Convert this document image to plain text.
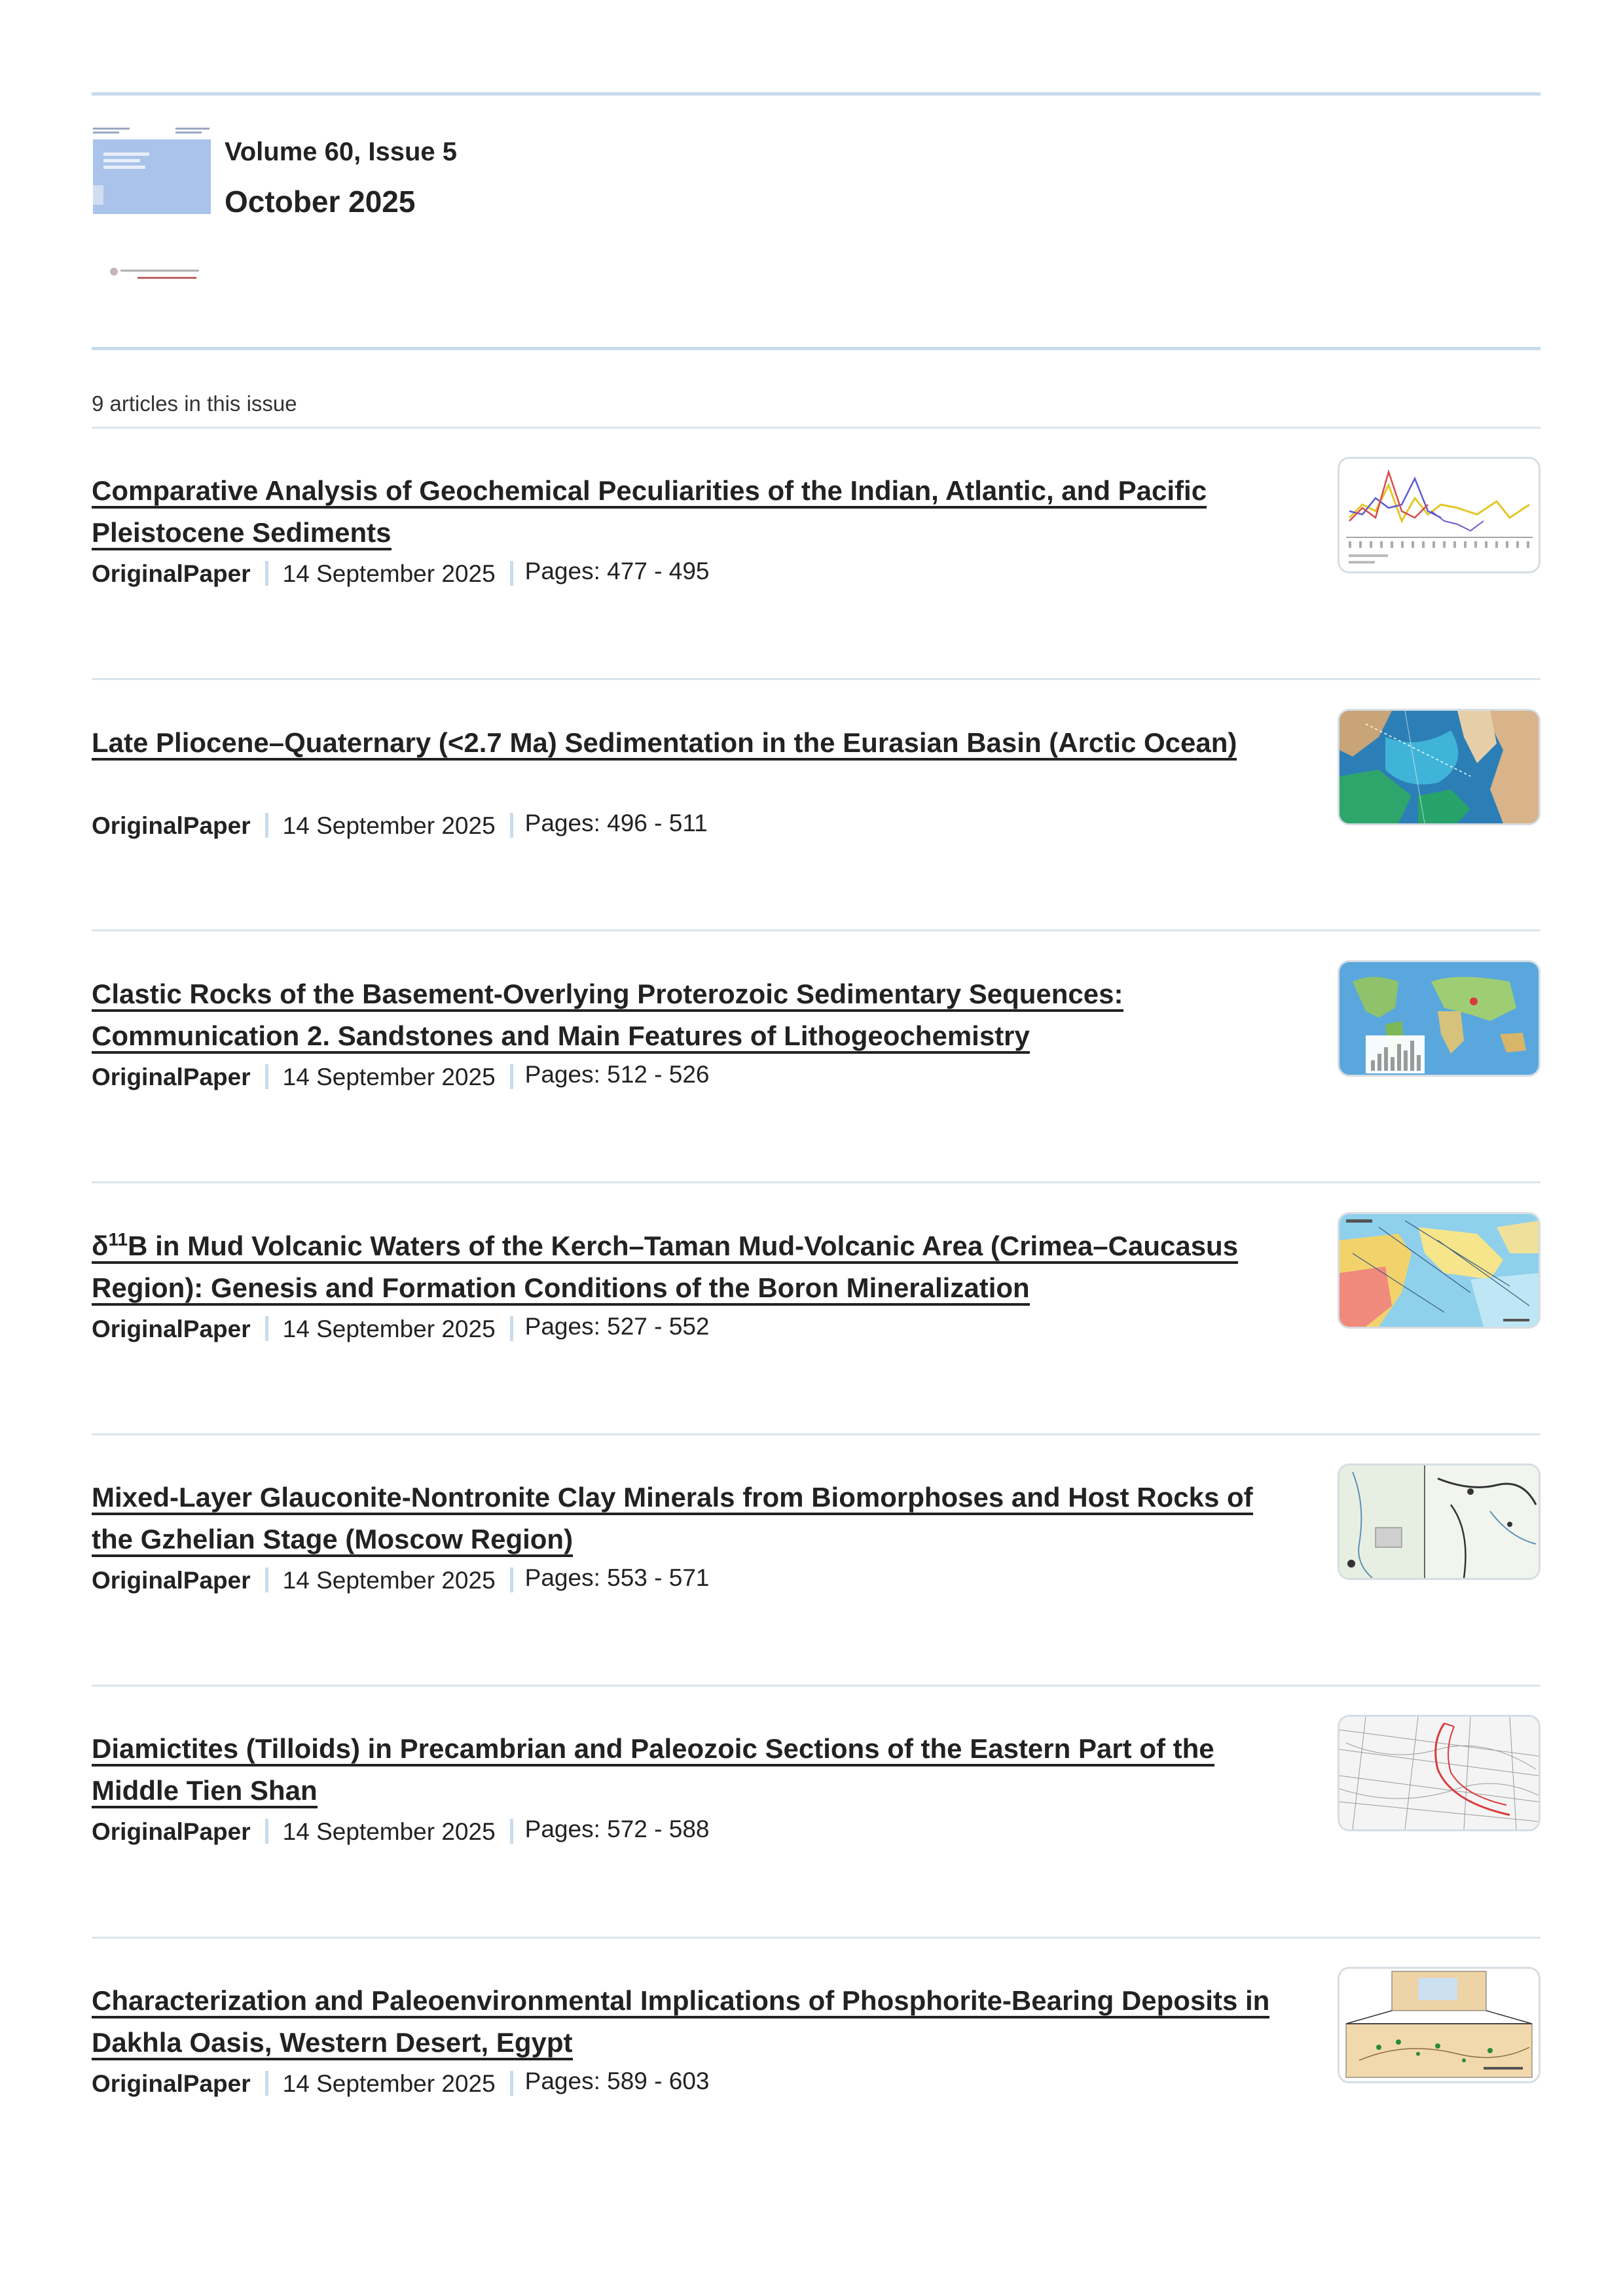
Volume 60, Issue 5
October 2025
9 articles in this issue
Comparative Analysis of Geochemical Peculiarities of the Indian, Atlantic, and Pacific Pleistocene Sediments
OriginalPaper 14 September 2025 Pages: 477 - 495
Late Pliocene–Quaternary (<2.7 Ma) Sedimentation in the Eurasian Basin (Arctic Ocean)
OriginalPaper 14 September 2025 Pages: 496 - 511
Clastic Rocks of the Basement-Overlying Proterozoic Sedimentary Sequences: Communication 2. Sandstones and Main Features of Lithogeochemistry
OriginalPaper 14 September 2025 Pages: 512 - 526
δ$^{11}$B in Mud Volcanic Waters of the Kerch–Taman Mud-Volcanic Area (Crimea–Caucasus Region): Genesis and Formation Conditions of the Boron Mineralization
OriginalPaper 14 September 2025 Pages: 527 - 552
Mixed-Layer Glauconite-Nontronite Clay Minerals from Biomorphoses and Host Rocks of the Gzhelian Stage (Moscow Region)
OriginalPaper 14 September 2025 Pages: 553 - 571
Diamictites (Tilloids) in Precambrian and Paleozoic Sections of the Eastern Part of the Middle Tien Shan
OriginalPaper 14 September 2025 Pages: 572 - 588
Characterization and Paleoenvironmental Implications of Phosphorite-Bearing Deposits in Dakhla Oasis, Western Desert, Egypt
OriginalPaper 14 September 2025 Pages: 589 - 603
